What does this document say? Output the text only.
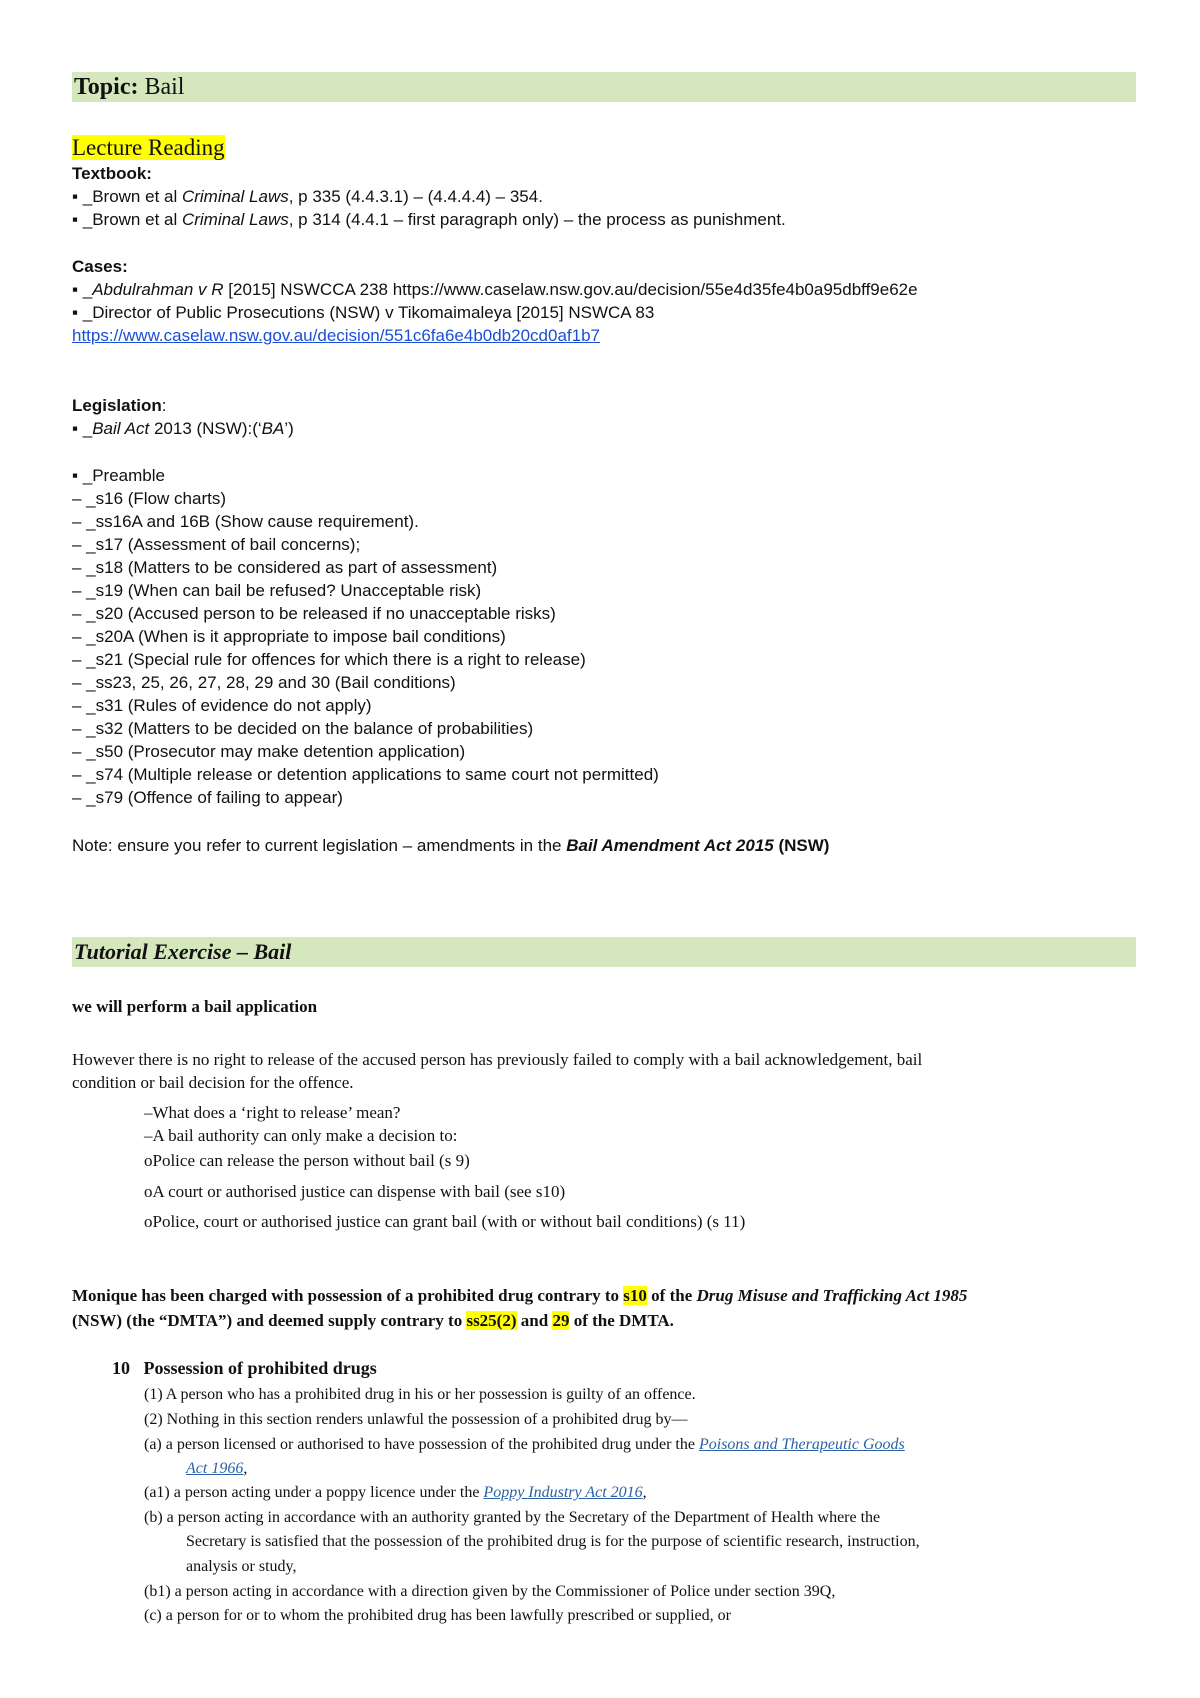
Topic: Bail
Lecture Reading
Textbook:
▪ _Brown et al Criminal Laws, p 335 (4.4.3.1) – (4.4.4.4) – 354.
▪ _Brown et al Criminal Laws, p 314 (4.4.1 – first paragraph only) – the process as punishment.
Cases:
▪ _Abdulrahman v R [2015] NSWCCA 238 https://www.caselaw.nsw.gov.au/decision/55e4d35fe4b0a95dbff9e62e
▪ _Director of Public Prosecutions (NSW) v Tikomaimaleya [2015] NSWCA 83
https://www.caselaw.nsw.gov.au/decision/551c6fa6e4b0db20cd0af1b7
Legislation:
▪ _Bail Act 2013 (NSW):(‘BA’)
▪ _Preamble
– _s16 (Flow charts)
– _ss16A and 16B (Show cause requirement).
– _s17 (Assessment of bail concerns);
– _s18 (Matters to be considered as part of assessment)
– _s19 (When can bail be refused? Unacceptable risk)
– _s20 (Accused person to be released if no unacceptable risks)
– _s20A (When is it appropriate to impose bail conditions)
– _s21 (Special rule for offences for which there is a right to release)
– _ss23, 25, 26, 27, 28, 29 and 30 (Bail conditions)
– _s31 (Rules of evidence do not apply)
– _s32 (Matters to be decided on the balance of probabilities)
– _s50 (Prosecutor may make detention application)
– _s74 (Multiple release or detention applications to same court not permitted)
– _s79 (Offence of failing to appear)
Note: ensure you refer to current legislation – amendments in the Bail Amendment Act 2015 (NSW)
Tutorial Exercise – Bail
we will perform a bail application
However there is no right to release of the accused person has previously failed to comply with a bail acknowledgement, bail
condition or bail decision for the offence.
–What does a ‘right to release’ mean?
–A bail authority can only make a decision to:
oPolice can release the person without bail (s 9)
oA court or authorised justice can dispense with bail (see s10)
oPolice, court or authorised justice can grant bail (with or without bail conditions) (s 11)
Monique has been charged with possession of a prohibited drug contrary to s10 of the Drug Misuse and Trafficking Act 1985
(NSW) (the “DMTA”) and deemed supply contrary to ss25(2) and 29 of the DMTA.
10 Possession of prohibited drugs
(1) A person who has a prohibited drug in his or her possession is guilty of an offence.
(2) Nothing in this section renders unlawful the possession of a prohibited drug by—
(a) a person licensed or authorised to have possession of the prohibited drug under the Poisons and Therapeutic Goods
Act 1966,
(a1) a person acting under a poppy licence under the Poppy Industry Act 2016,
(b) a person acting in accordance with an authority granted by the Secretary of the Department of Health where the
Secretary is satisfied that the possession of the prohibited drug is for the purpose of scientific research, instruction,
analysis or study,
(b1) a person acting in accordance with a direction given by the Commissioner of Police under section 39Q,
(c) a person for or to whom the prohibited drug has been lawfully prescribed or supplied, or
